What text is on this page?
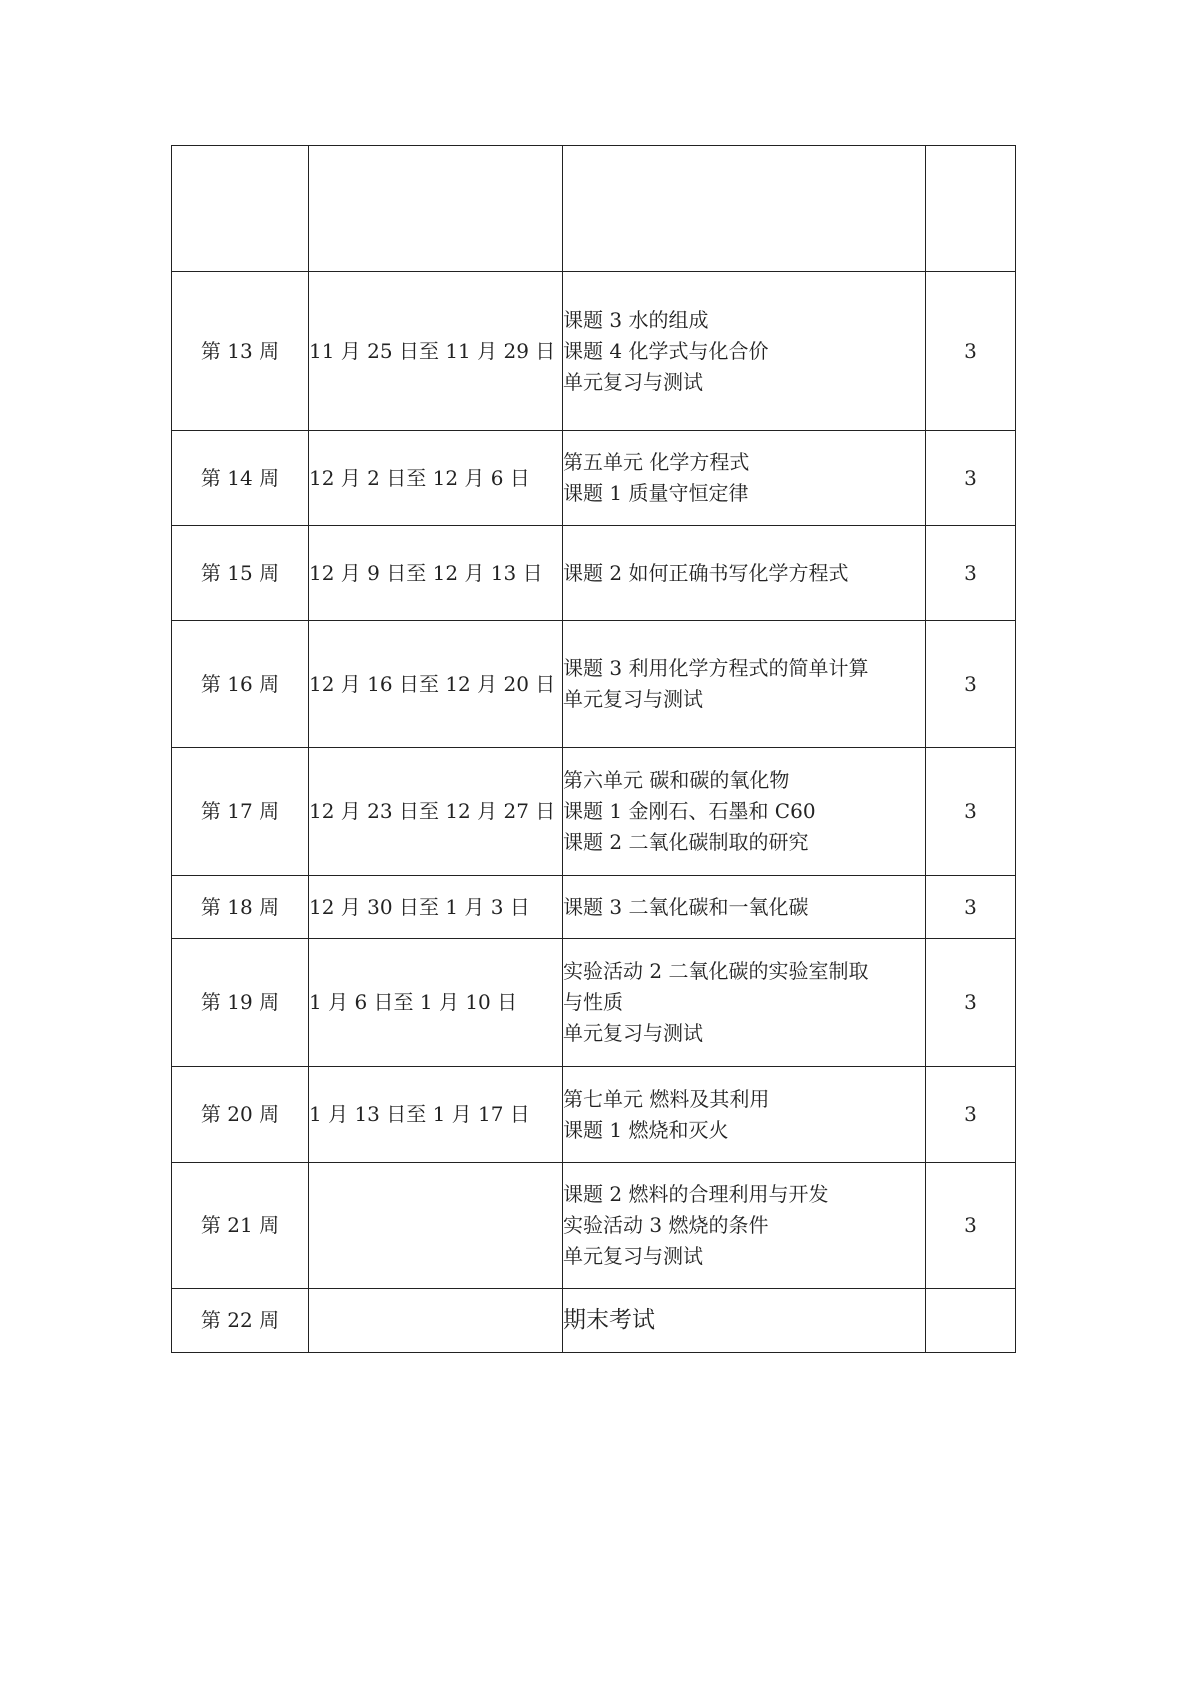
第 13 周	11 月 25 日至 11 月 29 日	课题 3 水的组成
课题 4 化学式与化合价
单元复习与测试	3
第 14 周	12 月 2 日至 12 月 6 日	第五单元 化学方程式
课题 1 质量守恒定律	3
第 15 周	12 月 9 日至 12 月 13 日	课题 2 如何正确书写化学方程式	3
第 16 周	12 月 16 日至 12 月 20 日	课题 3 利用化学方程式的简单计算
单元复习与测试	3
第 17 周	12 月 23 日至 12 月 27 日	第六单元 碳和碳的氧化物
课题 1 金刚石、石墨和 C60
课题 2 二氧化碳制取的研究	3
第 18 周	12 月 30 日至 1 月 3 日	课题 3 二氧化碳和一氧化碳	3
第 19 周	1 月 6 日至 1 月 10 日	实验活动 2 二氧化碳的实验室制取
与性质
单元复习与测试	3
第 20 周	1 月 13 日至 1 月 17 日	第七单元 燃料及其利用
课题 1 燃烧和灭火	3
第 21 周		课题 2 燃料的合理利用与开发
实验活动 3 燃烧的条件
单元复习与测试	3
第 22 周		期末考试	
